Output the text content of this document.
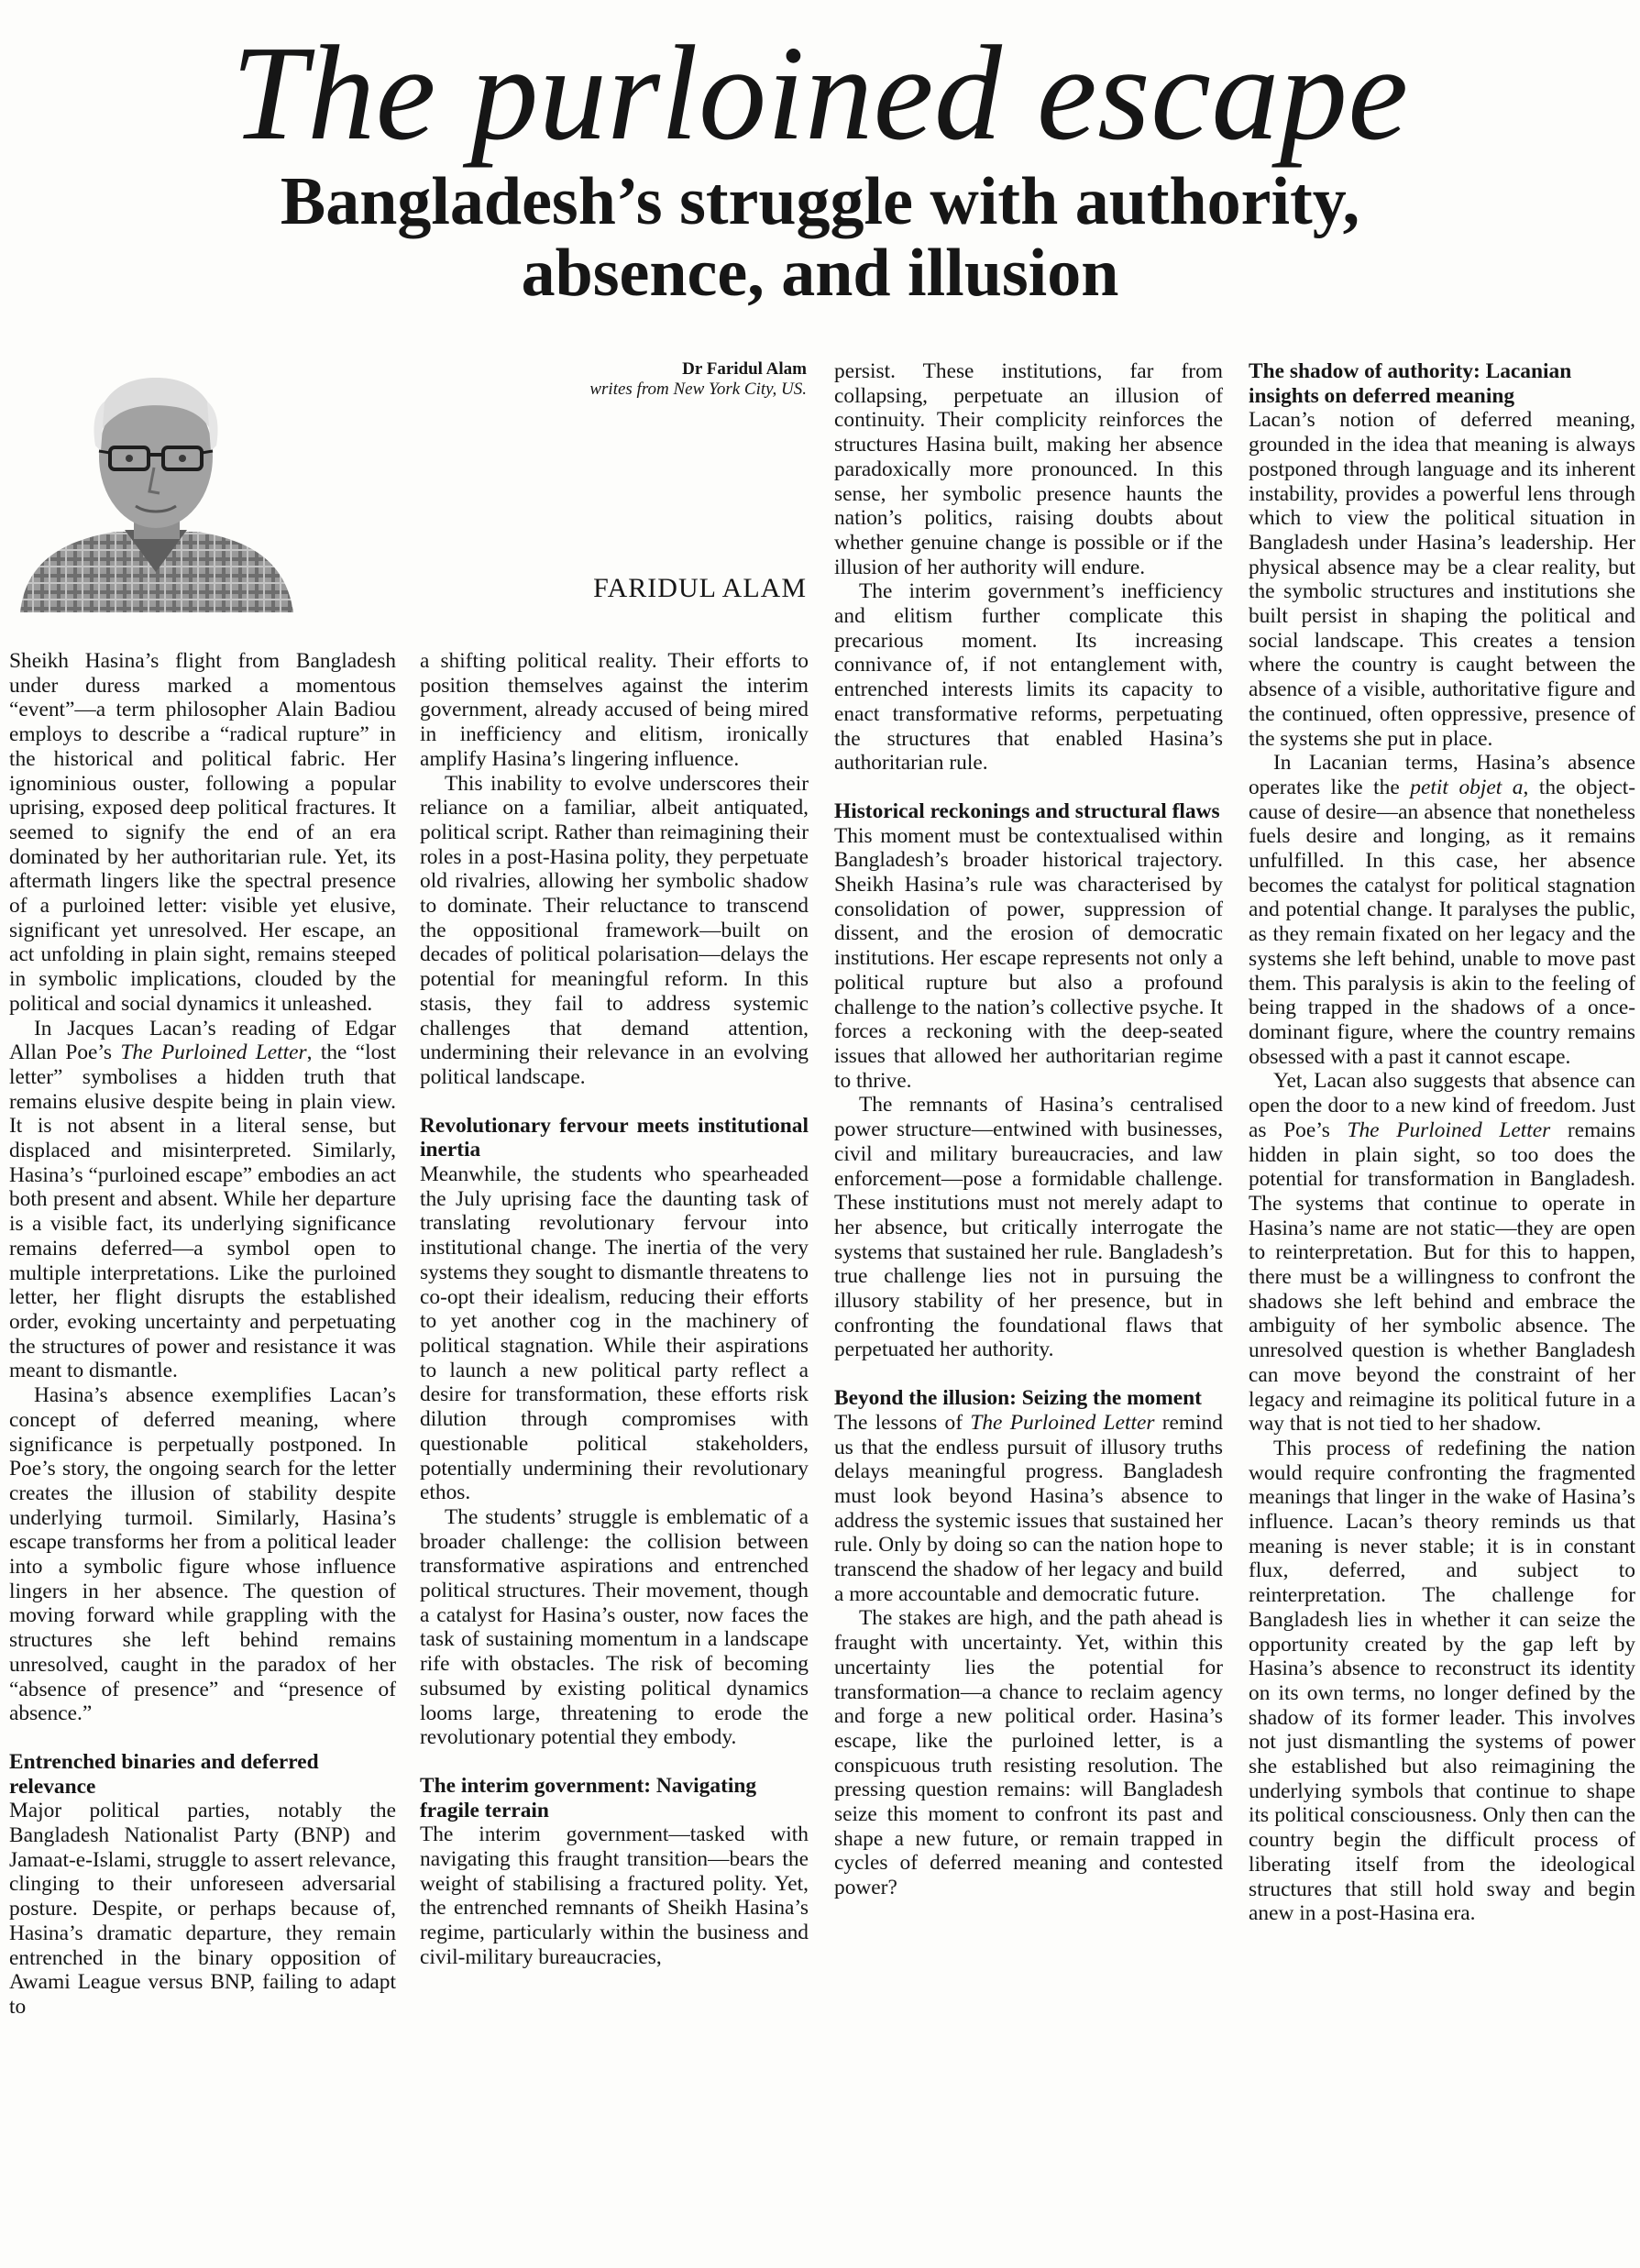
The purloined escape
Bangladesh’s struggle with authority,
absence, and illusion
Dr Faridul Alam
writes from New York City, US.
FARIDUL ALAM

Sheikh Hasina’s flight from Bangladesh under duress marked a momentous “event”—a term philosopher Alain Badiou employs to describe a “radical rupture” in the historical and political fabric. Her ignominious ouster, following a popular uprising, exposed deep political fractures. It seemed to signify the end of an era dominated by her authoritarian rule. Yet, its aftermath lingers like the spectral presence of a purloined letter: visible yet elusive, significant yet unresolved. Her escape, an act unfolding in plain sight, remains steeped in symbolic implications, clouded by the political and social dynamics it unleashed.

In Jacques Lacan’s reading of Edgar Allan Poe’s The Purloined Letter, the “lost letter” symbolises a hidden truth that remains elusive despite being in plain view. It is not absent in a literal sense, but displaced and misinterpreted. Similarly, Hasina’s “purloined escape” embodies an act both present and absent. While her departure is a visible fact, its underlying significance remains deferred—a symbol open to multiple interpretations. Like the purloined letter, her flight disrupts the established order, evoking uncertainty and perpetuating the structures of power and resistance it was meant to dismantle.

Hasina’s absence exemplifies Lacan’s concept of deferred meaning, where significance is perpetually postponed. In Poe’s story, the ongoing search for the letter creates the illusion of stability despite underlying turmoil. Similarly, Hasina’s escape transforms her from a political leader into a symbolic figure whose influence lingers in her absence. The question of moving forward while grappling with the structures she left behind remains unresolved, caught in the paradox of her “absence of presence” and “presence of absence.”

Entrenched binaries and deferred relevance

Major political parties, notably the Bangladesh Nationalist Party (BNP) and Jamaat-e-Islami, struggle to assert relevance, clinging to their unforeseen adversarial posture. Despite, or perhaps because of, Hasina’s dramatic departure, they remain entrenched in the binary opposition of Awami League versus BNP, failing to adapt to

a shifting political reality. Their efforts to position themselves against the interim government, already accused of being mired in inefficiency and elitism, ironically amplify Hasina’s lingering influence.

This inability to evolve underscores their reliance on a familiar, albeit antiquated, political script. Rather than reimagining their roles in a post-Hasina polity, they perpetuate old rivalries, allowing her symbolic shadow to dominate. Their reluctance to transcend the oppositional framework—built on decades of political polarisation—delays the potential for meaningful reform. In this stasis, they fail to address systemic challenges that demand attention, undermining their relevance in an evolving political landscape.

Revolutionary fervour meets institutional inertia

Meanwhile, the students who spearheaded the July uprising face the daunting task of translating revolutionary fervour into institutional change. The inertia of the very systems they sought to dismantle threatens to co-opt their idealism, reducing their efforts to yet another cog in the machinery of political stagnation. While their aspirations to launch a new political party reflect a desire for transformation, these efforts risk dilution through compromises with questionable political stakeholders, potentially undermining their revolutionary ethos.

The students’ struggle is emblematic of a broader challenge: the collision between transformative aspirations and entrenched political structures. Their movement, though a catalyst for Hasina’s ouster, now faces the task of sustaining momentum in a landscape rife with obstacles. The risk of becoming subsumed by existing political dynamics looms large, threatening to erode the revolutionary potential they embody.

The interim government: Navigating fragile terrain

The interim government—tasked with navigating this fraught transition—bears the weight of stabilising a fractured polity. Yet, the entrenched remnants of Sheikh Hasina’s regime, particularly within the business and civil-military bureaucracies,

persist. These institutions, far from collapsing, perpetuate an illusion of continuity. Their complicity reinforces the structures Hasina built, making her absence paradoxically more pronounced. In this sense, her symbolic presence haunts the nation’s politics, raising doubts about whether genuine change is possible or if the illusion of her authority will endure.

The interim government’s inefficiency and elitism further complicate this precarious moment. Its increasing connivance of, if not entanglement with, entrenched interests limits its capacity to enact transformative reforms, perpetuating the structures that enabled Hasina’s authoritarian rule.

Historical reckonings and structural flaws

This moment must be contextualised within Bangladesh’s broader historical trajectory. Sheikh Hasina’s rule was characterised by consolidation of power, suppression of dissent, and the erosion of democratic institutions. Her escape represents not only a political rupture but also a profound challenge to the nation’s collective psyche. It forces a reckoning with the deep-seated issues that allowed her authoritarian regime to thrive.

The remnants of Hasina’s centralised power structure—entwined with businesses, civil and military bureaucracies, and law enforcement—pose a formidable challenge. These institutions must not merely adapt to her absence, but critically interrogate the systems that sustained her rule. Bangladesh’s true challenge lies not in pursuing the illusory stability of her presence, but in confronting the foundational flaws that perpetuated her authority.

Beyond the illusion: Seizing the moment

The lessons of The Purloined Letter remind us that the endless pursuit of illusory truths delays meaningful progress. Bangladesh must look beyond Hasina’s absence to address the systemic issues that sustained her rule. Only by doing so can the nation hope to transcend the shadow of her legacy and build a more accountable and democratic future.

The stakes are high, and the path ahead is fraught with uncertainty. Yet, within this uncertainty lies the potential for transformation—a chance to reclaim agency and forge a new political order. Hasina’s escape, like the purloined letter, is a conspicuous truth resisting resolution. The pressing question remains: will Bangladesh seize this moment to confront its past and shape a new future, or remain trapped in cycles of deferred meaning and contested power?

The shadow of authority: Lacanian insights on deferred meaning

Lacan’s notion of deferred meaning, grounded in the idea that meaning is always postponed through language and its inherent instability, provides a powerful lens through which to view the political situation in Bangladesh under Hasina’s leadership. Her physical absence may be a clear reality, but the symbolic structures and institutions she built persist in shaping the political and social landscape. This creates a tension where the country is caught between the absence of a visible, authoritative figure and the continued, often oppressive, presence of the systems she put in place.

In Lacanian terms, Hasina’s absence operates like the petit objet a, the object-cause of desire—an absence that nonetheless fuels desire and longing, as it remains unfulfilled. In this case, her absence becomes the catalyst for political stagnation and potential change. It paralyses the public, as they remain fixated on her legacy and the systems she left behind, unable to move past them. This paralysis is akin to the feeling of being trapped in the shadows of a once-dominant figure, where the country remains obsessed with a past it cannot escape.

Yet, Lacan also suggests that absence can open the door to a new kind of freedom. Just as Poe’s The Purloined Letter remains hidden in plain sight, so too does the potential for transformation in Bangladesh. The systems that continue to operate in Hasina’s name are not static—they are open to reinterpretation. But for this to happen, there must be a willingness to confront the shadows she left behind and embrace the ambiguity of her symbolic absence. The unresolved question is whether Bangladesh can move beyond the constraint of her legacy and reimagine its political future in a way that is not tied to her shadow.

This process of redefining the nation would require confronting the fragmented meanings that linger in the wake of Hasina’s influence. Lacan’s theory reminds us that meaning is never stable; it is in constant flux, deferred, and subject to reinterpretation. The challenge for Bangladesh lies in whether it can seize the opportunity created by the gap left by Hasina’s absence to reconstruct its identity on its own terms, no longer defined by the shadow of its former leader. This involves not just dismantling the systems of power she established but also reimagining the underlying symbols that continue to shape its political consciousness. Only then can the country begin the difficult process of liberating itself from the ideological structures that still hold sway and begin anew in a post-Hasina era.
